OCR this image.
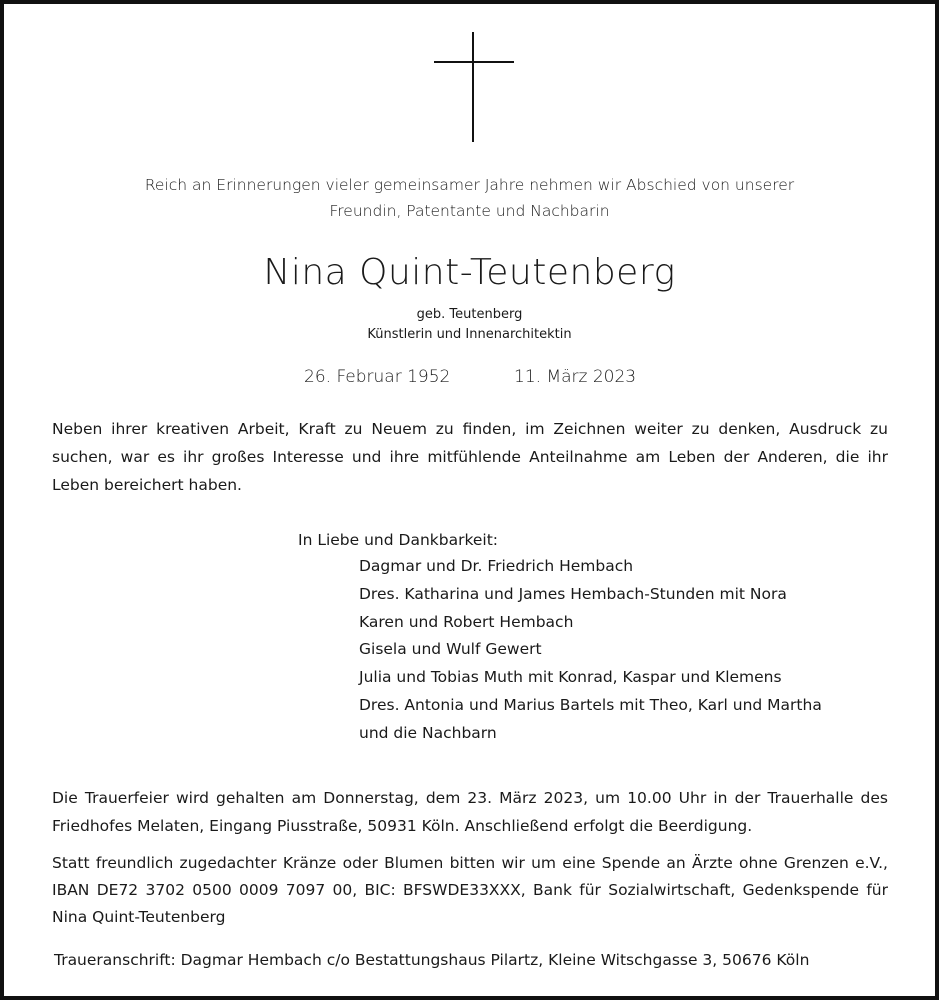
Reich an Erinnerungen vieler gemeinsamer Jahre nehmen wir Abschied von unserer
Freundin, Patentante und Nachbarin
Nina Quint-Teutenberg
geb. Teutenberg
Künstlerin und Innenarchitektin
26. Februar 1952	11. März 2023
Neben ihrer kreativen Arbeit, Kraft zu Neuem zu finden, im Zeichnen weiter zu denken, Ausdruck zu suchen, war es ihr großes Interesse und ihre mitfühlende Anteilnahme am Leben der Anderen, die ihr Leben bereichert haben.
In Liebe und Dankbarkeit:
Dagmar und Dr. Friedrich Hembach
Dres. Katharina und James Hembach-Stunden mit Nora
Karen und Robert Hembach
Gisela und Wulf Gewert
Julia und Tobias Muth mit Konrad, Kaspar und Klemens
Dres. Antonia und Marius Bartels mit Theo, Karl und Martha
und die Nachbarn
Die Trauerfeier wird gehalten am Donnerstag, dem 23. März 2023, um 10.00 Uhr in der Trauerhalle des Friedhofes Melaten, Eingang Piusstraße, 50931 Köln. Anschließend erfolgt die Beerdigung.
Statt freundlich zugedachter Kränze oder Blumen bitten wir um eine Spende an Ärzte ohne Grenzen e.V., IBAN DE72 3702 0500 0009 7097 00, BIC: BFSWDE33XXX, Bank für Sozialwirtschaft, Gedenkspende für Nina Quint-Teutenberg
Traueranschrift: Dagmar Hembach c/o Bestattungshaus Pilartz, Kleine Witschgasse 3, 50676 Köln
